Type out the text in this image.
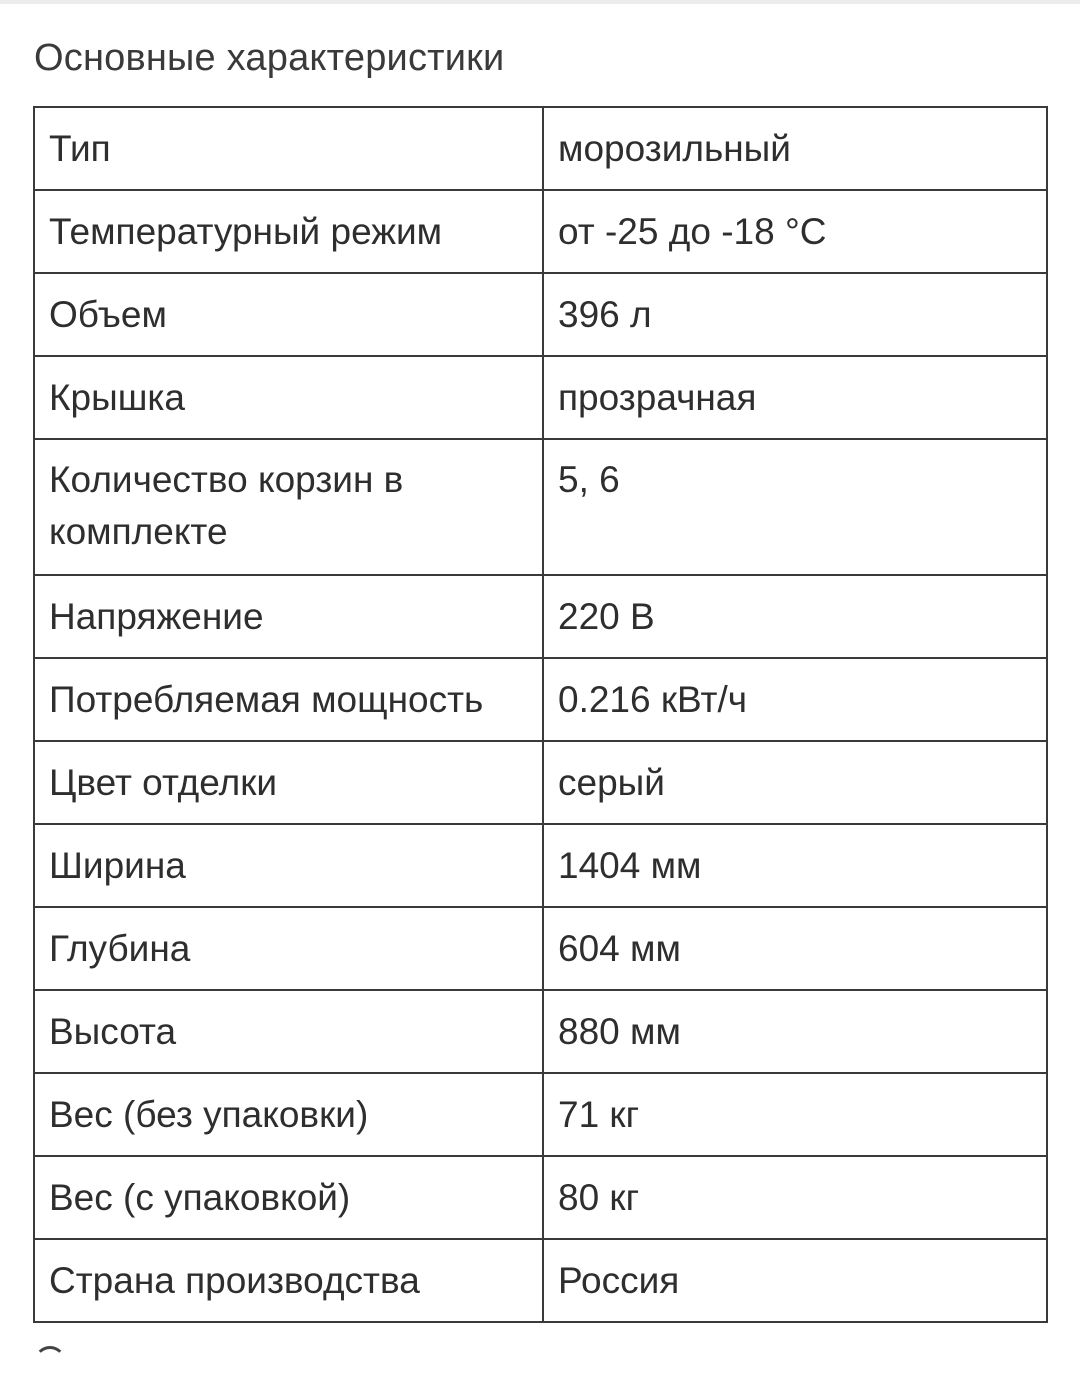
Основные характеристики
Тип	морозильный
Температурный режим	от -25 до -18 °C
Объем	396 л
Крышка	прозрачная
Количество корзин в комплекте	5, 6
Напряжение	220 В
Потребляемая мощность	0.216 кВт/ч
Цвет отделки	серый
Ширина	1404 мм
Глубина	604 мм
Высота	880 мм
Вес (без упаковки)	71 кг
Вес (с упаковкой)	80 кг
Страна производства	Россия
